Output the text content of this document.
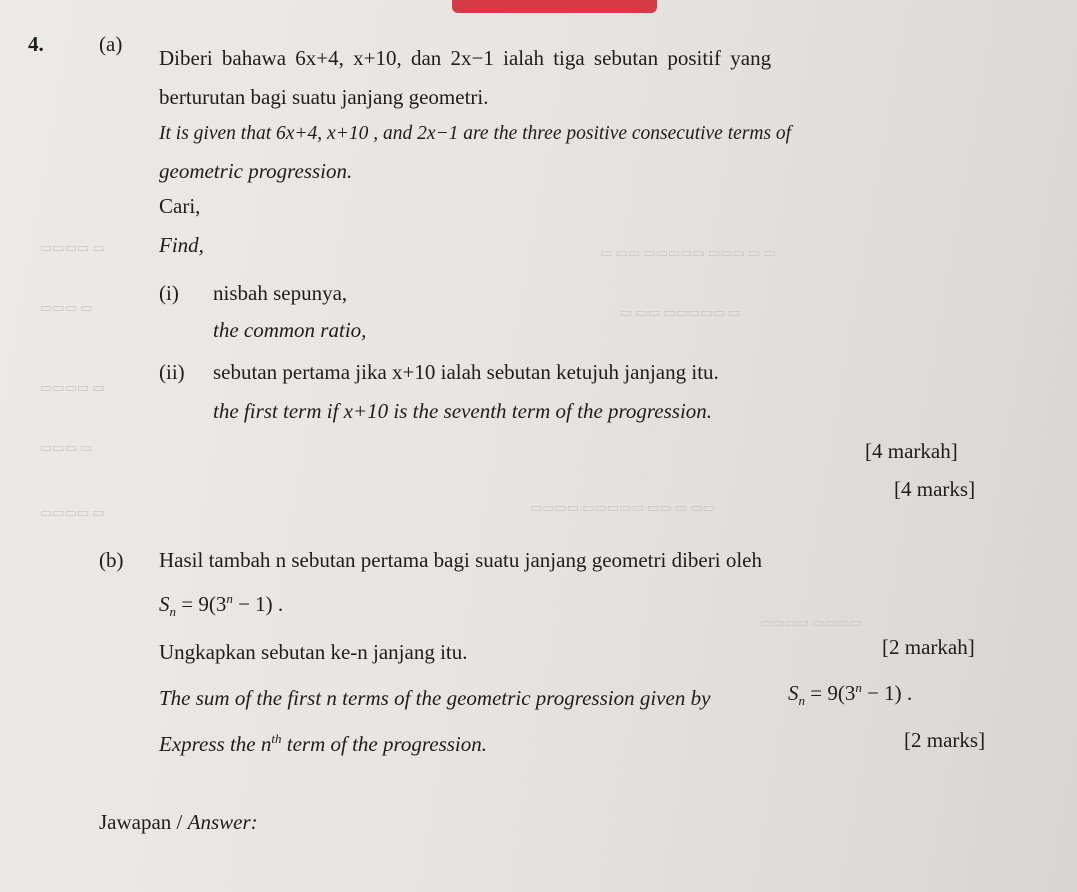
▭▭▭▭ ▭
▭▭▭ ▭
▭▭▭▭ ▭
▭▭▭ ▭
▭▭▭▭ ▭
▭ ▭▭ ▭▭▭▭▭ ▭▭▭ ▭ ▭
▭ ▭▭ ▭▭▭▭▭ ▭
▭▭▭▭ ▭▭▭▭▭ ▭▭ ▭ ▭▭
▭▭▭▭ ▭▭▭▭
4.	(a)
Diberi bahawa 6x+4, x+10, dan 2x−1 ialah tiga sebutan positif yang
berturutan bagi suatu janjang geometri.
It is given that 6x+4, x+10 , and 2x−1 are the three positive consecutive terms of
geometric progression.
Cari,
Find,
(i) nisbah sepunya,
the common ratio,
(ii) sebutan pertama jika x+10 ialah sebutan ketujuh janjang itu.
the first term if x+10 is the seventh term of the progression.
[4 markah]
[4 marks]
(b) Hasil tambah n sebutan pertama bagi suatu janjang geometri diberi oleh
$S_n = 9(3^n - 1)$ .
Ungkapkan sebutan ke-n janjang itu.	[2 markah]
The sum of the first n terms of the geometric progression given by	$S_n = 9(3^n - 1)$ .
Express the $n^{th}$ term of the progression.	[2 marks]
Jawapan / Answer:
